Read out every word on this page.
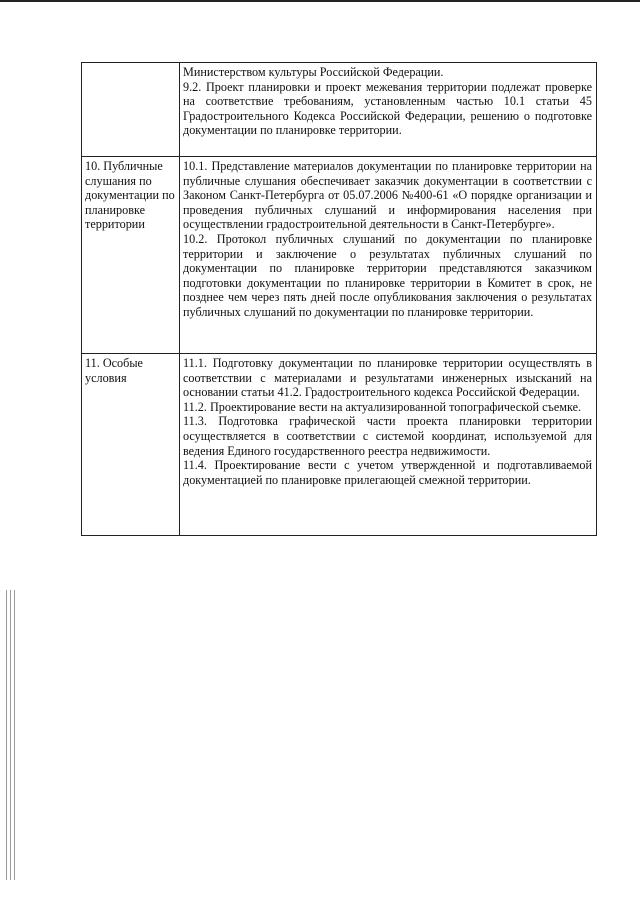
	Министерством культуры Российской Федерации.

9.2. Проект планировки и проект межевания территории подлежат проверке на соответствие требованиям, установленным частью 10.1 статьи 45 Градостроительного Кодекса Российской Федерации, решению о подготовке документации по планировке территории.

10. Публичные слушания по документации по планировке территории	10.1. Представление материалов документации по планировке территории на публичные слушания обеспечивает заказчик документации в соответствии с Законом Санкт-Петербурга от 05.07.2006 №400-61 «О порядке организации и проведения публичных слушаний и информирования населения при осуществлении градостроительной деятельности в Санкт-Петербурге».

10.2. Протокол публичных слушаний по документации по планировке территории и заключение о результатах публичных слушаний по документации по планировке территории представляются заказчиком подготовки документации по планировке территории в Комитет в срок, не позднее чем через пять дней после опубликования заключения о результатах публичных слушаний по документации по планировке территории.

11. Особые условия	11.1. Подготовку документации по планировке территории осуществлять в соответствии с материалами и результатами инженерных изысканий на основании статьи 41.2. Градостроительного кодекса Российской Федерации.

11.2. Проектирование вести на актуализированной топографической съемке.

11.3. Подготовка графической части проекта планировки территории осуществляется в соответствии с системой координат, используемой для ведения Единого государственного реестра недвижимости.

11.4. Проектирование вести с учетом утвержденной и подготавливаемой документацией по планировке прилегающей смежной территории.
